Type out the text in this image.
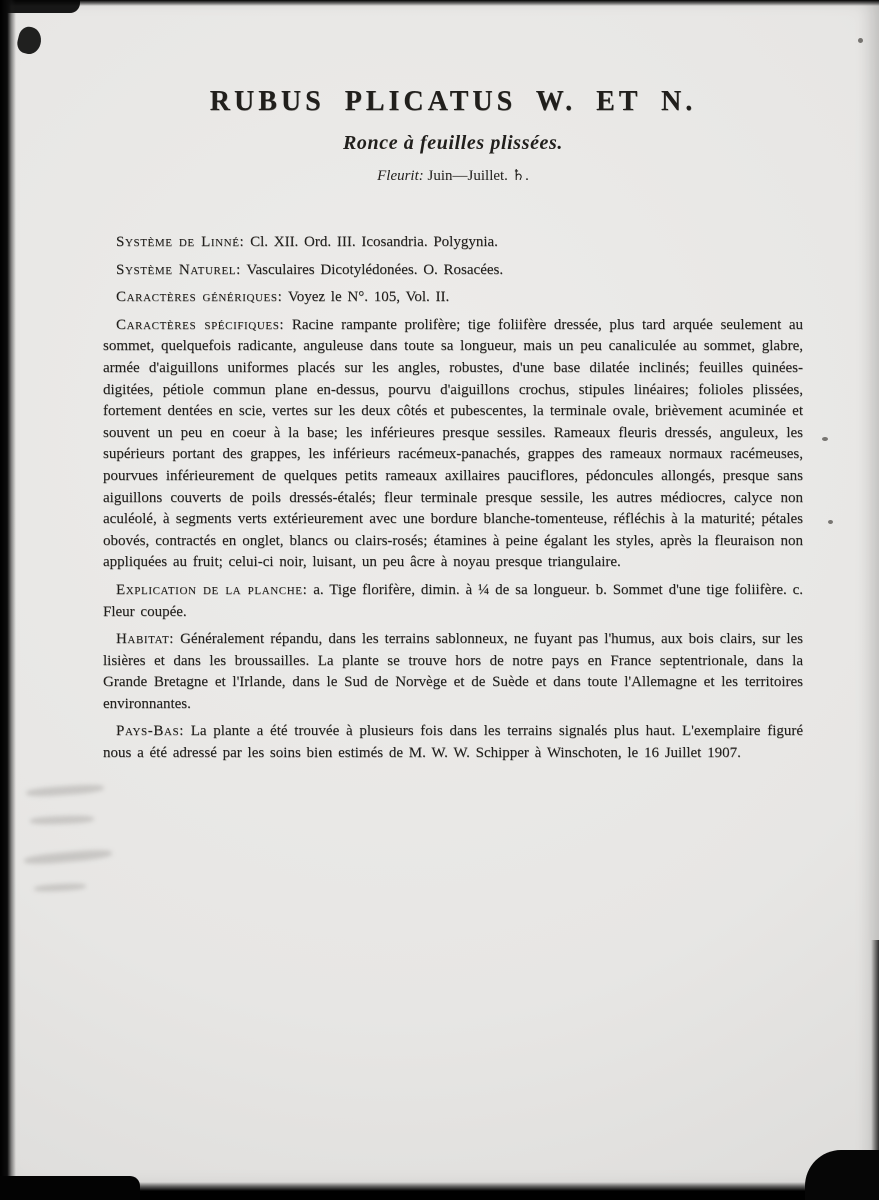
RUBUS PLICATUS W. ET N.
Ronce à feuilles plissées.

Fleurit: Juin—Juillet. ♄.

Système de Linné: Cl. XII. Ord. III. Icosandria. Polygynia.

Système Naturel: Vasculaires Dicotylédonées. O. Rosacées.

Caractères génériques: Voyez le N°. 105, Vol. II.

Caractères spécifiques: Racine rampante prolifère; tige foliifère dressée, plus tard arquée seulement au sommet, quelquefois radicante, anguleuse dans toute sa longueur, mais un peu canaliculée au sommet, glabre, armée d'aiguillons uniformes placés sur les angles, robustes, d'une base dilatée inclinés; feuilles quinées-digitées, pétiole commun plane en-dessus, pourvu d'aiguillons crochus, stipules linéaires; folioles plissées, fortement dentées en scie, vertes sur les deux côtés et pubescentes, la terminale ovale, brièvement acuminée et souvent un peu en coeur à la base; les inférieures presque sessiles. Rameaux fleuris dressés, anguleux, les supérieurs portant des grappes, les inférieurs racémeux-panachés, grappes des rameaux normaux racémeuses, pourvues inférieurement de quelques petits rameaux axillaires pauciflores, pédoncules allongés, presque sans aiguillons couverts de poils dressés-étalés; fleur terminale presque sessile, les autres médiocres, calyce non aculéolé, à segments verts extérieurement avec une bordure blanche-tomenteuse, réfléchis à la maturité; pétales obovés, contractés en onglet, blancs ou clairs-rosés; étamines à peine égalant les styles, après la fleuraison non appliquées au fruit; celui-ci noir, luisant, un peu âcre à noyau presque triangulaire.

Explication de la planche: a. Tige florifère, dimin. à ¼ de sa longueur. b. Sommet d'une tige foliifère. c. Fleur coupée.

Habitat: Généralement répandu, dans les terrains sablonneux, ne fuyant pas l'humus, aux bois clairs, sur les lisières et dans les broussailles. La plante se trouve hors de notre pays en France septentrionale, dans la Grande Bretagne et l'Irlande, dans le Sud de Norvège et de Suède et dans toute l'Allemagne et les territoires environnantes.

Pays-Bas: La plante a été trouvée à plusieurs fois dans les terrains signalés plus haut. L'exemplaire figuré nous a été adressé par les soins bien estimés de M. W. W. Schipper à Winschoten, le 16 Juillet 1907.
